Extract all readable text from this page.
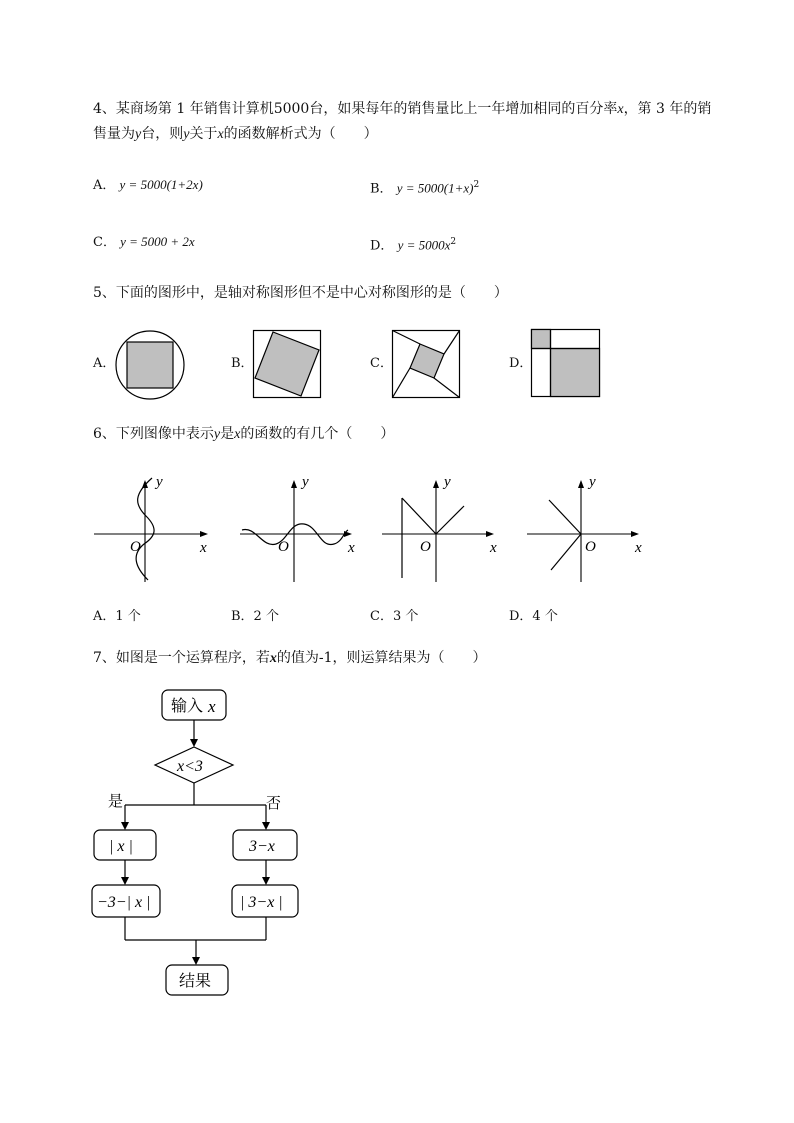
4、某商场第 1 年销售计算机5000台，如果每年的销售量比上一年增加相同的百分率x，第 3 年的销
售量为y台，则y关于x的函数解析式为（　　）
A． y = 5000(1+2x)	B． $y = 5000(1+x)^2$
C． y = 5000 + 2x	D． $y = 5000x^2$
5、下面的图形中，是轴对称图形但不是中心对称图形的是（　　）
A．	B．	C．	D．
6、下列图像中表示y是x的函数的有几个（　　）
y
x
O
y
x
O
y
x
O
y
x
O
A．1 个	B．2 个	C．3 个	D．4 个
7、如图是一个运算程序，若x的值为-1，则运算结果为（　　）
输入 x
x<3
是	否
| x |	3−x
−3−| x |	| 3−x |
结果
